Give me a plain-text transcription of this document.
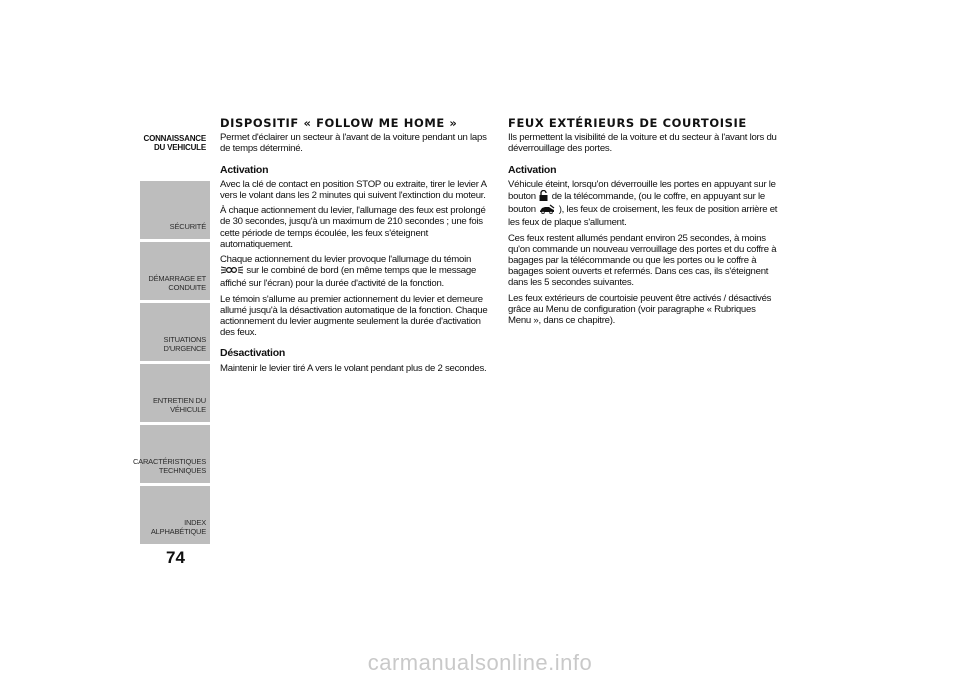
CONNAISSANCE
DU VEHICULE
SÉCURITÉ
DÉMARRAGE ET
CONDUITE
SITUATIONS
D'URGENCE
ENTRETIEN DU
VÉHICULE
CARACTÉRISTIQUES
TECHNIQUES
INDEX
ALPHABÉTIQUE
74
DISPOSITIF « FOLLOW ME HOME »

Permet d'éclairer un secteur à l'avant de la voiture pendant un laps de temps déterminé.

Activation

Avec la clé de contact en position STOP ou extraite, tirer le levier A vers le volant dans les 2 minutes qui suivent l'extinction du moteur.

À chaque actionnement du levier, l'allumage des feux est prolongé de 30 secondes, jusqu'à un maximum de 210 secondes ; une fois cette période de temps écoulée, les feux s'éteignent automatiquement.

Chaque actionnement du levier provoque l'allumage du témoin
sur le combiné de bord (en même temps que le message affiché sur l'écran) pour la durée d'activité de la fonction.

Le témoin s'allume au premier actionnement du levier et demeure allumé jusqu'à la désactivation automatique de la fonction. Chaque actionnement du levier augmente seulement la durée d'activation des feux.

Désactivation

Maintenir le levier tiré A vers le volant pendant plus de 2 secondes.

FEUX EXTÉRIEURS DE COURTOISIE

Ils permettent la visibilité de la voiture et du secteur à l'avant lors du déverrouillage des portes.

Activation

Véhicule éteint, lorsqu'on déverrouille les portes en appuyant sur le bouton de la télécommande, (ou le coffre, en appuyant sur le bouton ), les feux de croisement, les feux de position arrière et les feux de plaque s'allument.

Ces feux restent allumés pendant environ 25 secondes, à moins qu'on commande un nouveau verrouillage des portes et du coffre à bagages par la télécommande ou que les portes ou le coffre à bagages soient ouverts et refermés. Dans ces cas, ils s'éteignent dans les 5 secondes suivantes.

Les feux extérieurs de courtoisie peuvent être activés / désactivés grâce au Menu de configuration (voir paragraphe « Rubriques Menu », dans ce chapitre).

carmanualsonline.info
